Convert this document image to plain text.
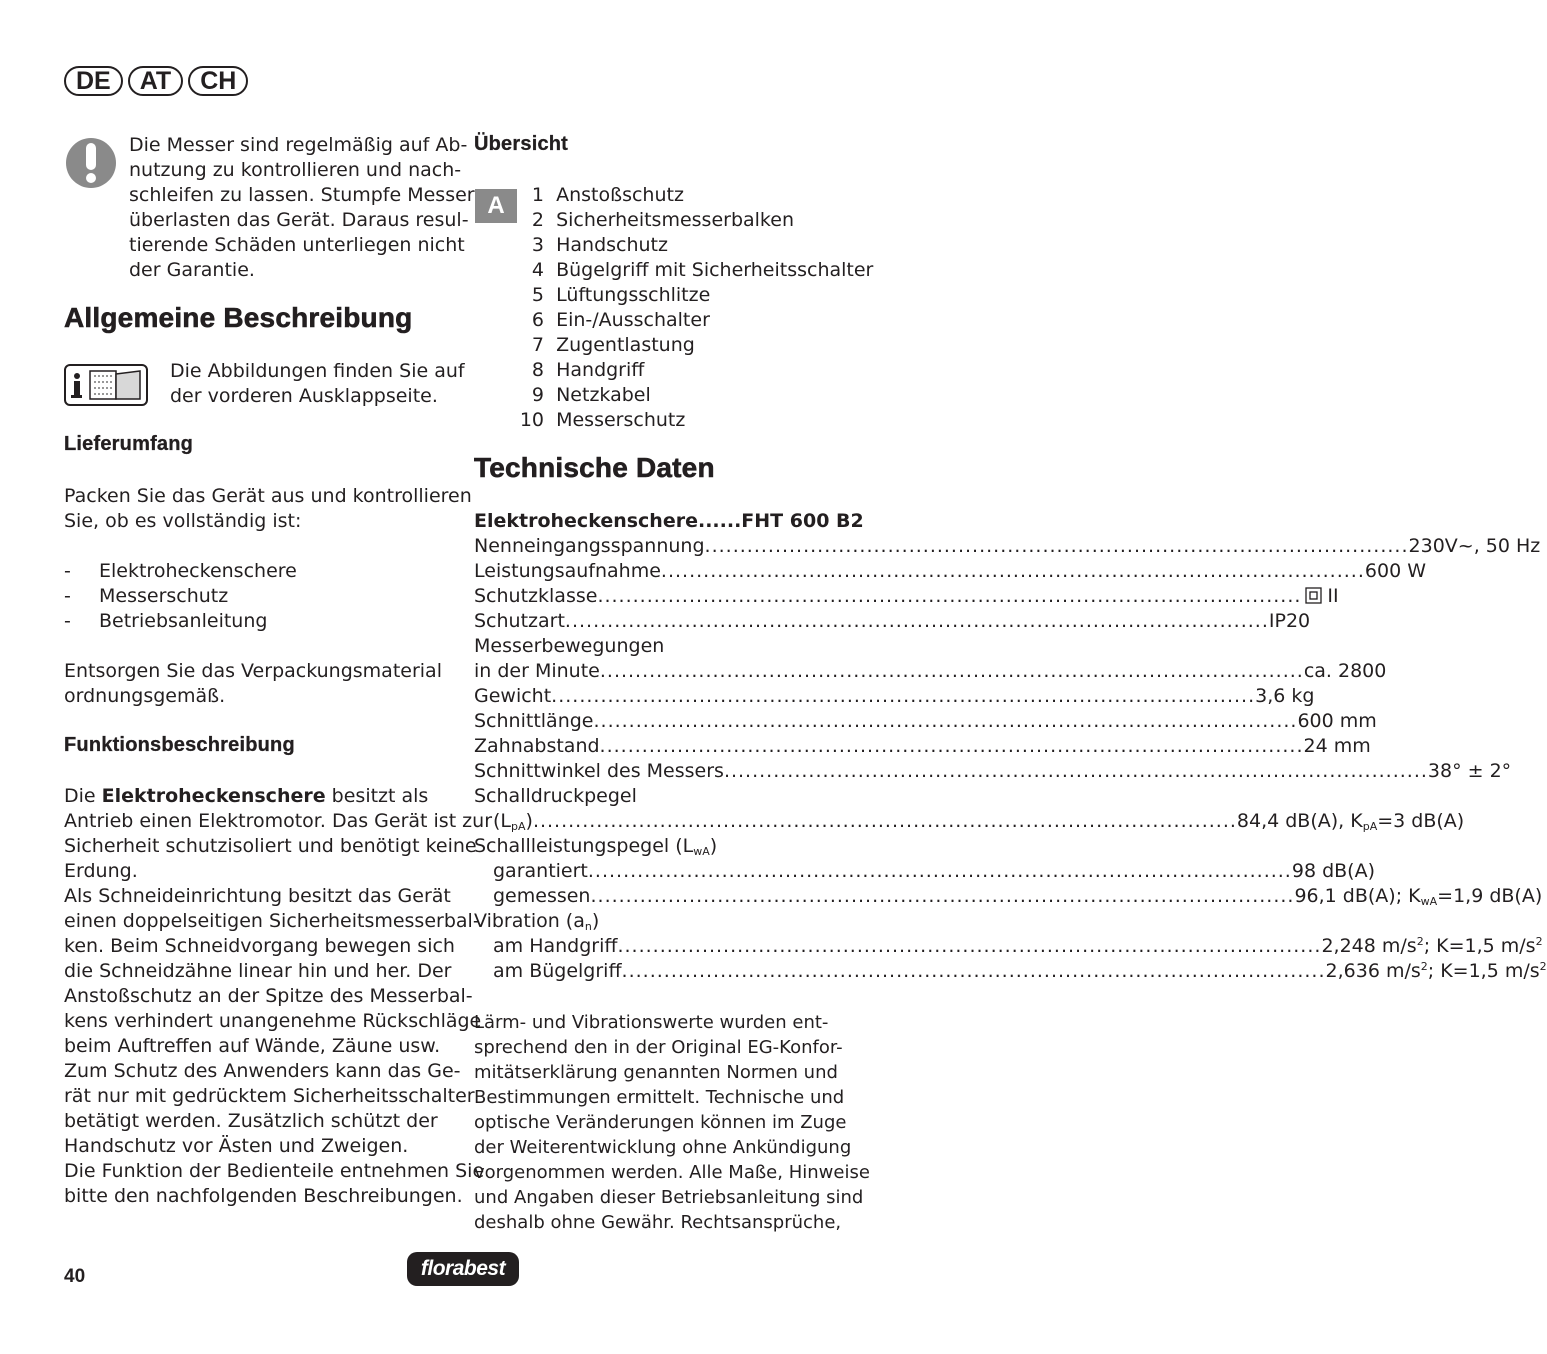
DE	AT	CH
Die Messer sind regelmäßig auf Ab-
nutzung zu kontrollieren und nach-
schleifen zu lassen. Stumpfe Messer
überlasten das Gerät. Daraus resul-
tierende Schäden unterliegen nicht
der Garantie.
Allgemeine Beschreibung
Die Abbildungen finden Sie auf
der vorderen Ausklappseite.
Lieferumfang
Packen Sie das Gerät aus und kontrollieren
Sie, ob es vollständig ist:
- Elektroheckenschere
- Messerschutz
- Betriebsanleitung
Entsorgen Sie das Verpackungsmaterial
ordnungsgemäß.
Funktionsbeschreibung
Die Elektroheckenschere besitzt als
Antrieb einen Elektromotor. Das Gerät ist zur
Sicherheit schutzisoliert und benötigt keine
Erdung.
Als Schneideinrichtung besitzt das Gerät
einen doppelseitigen Sicherheitsmesserbal-
ken. Beim Schneidvorgang bewegen sich
die Schneidzähne linear hin und her. Der
Anstoßschutz an der Spitze des Messerbal-
kens verhindert unangenehme Rückschläge
beim Auftreffen auf Wände, Zäune usw.
Zum Schutz des Anwenders kann das Ge-
rät nur mit gedrücktem Sicherheitsschalter
betätigt werden. Zusätzlich schützt der
Handschutz vor Ästen und Zweigen.
Die Funktion der Bedienteile entnehmen Sie
bitte den nachfolgenden Beschreibungen.
Übersicht
A	1 Anstoßschutz
2 Sicherheitsmesserbalken
3 Handschutz
4 Bügelgriff mit Sicherheitsschalter
5 Lüftungsschlitze
6 Ein-/Ausschalter
7 Zugentlastung
8 Handgriff
9 Netzkabel
10 Messerschutz
Technische Daten
Elektroheckenschere......FHT 600 B2
Nenneingangsspannung .....	230V~, 50 Hz
Leistungsaufnahme .....	600 W
Schutzklasse .....	II
Schutzart .....	IP20
Messerbewegungen
in der Minute .....	ca. 2800
Gewicht .....	3,6 kg
Schnittlänge .....	600 mm
Zahnabstand .....	24 mm
Schnittwinkel des Messers .....	38° ± 2°
Schalldruckpegel
$(L_{pA})$ .....	84,4 dB(A), $K_{pA}=3$ dB(A)
Schallleistungspegel $(L_{wA})$
garantiert .....	98 dB(A)
gemessen .....	96,1 dB(A); $K_{wA}=1,9$ dB(A)
Vibration $(a_n)$
am Handgriff .....	2,248 $m/s^2$; K=1,5 $m/s^2$
am Bügelgriff .....	2,636 $m/s^2$; K=1,5 $m/s^2$
Lärm- und Vibrationswerte wurden ent-
sprechend den in der Original EG-Konfor-
mitätserklärung genannten Normen und
Bestimmungen ermittelt. Technische und
optische Veränderungen können im Zuge
der Weiterentwicklung ohne Ankündigung
vorgenommen werden. Alle Maße, Hinweise
und Angaben dieser Betriebsanleitung sind
deshalb ohne Gewähr. Rechtsansprüche,
40	florabest
